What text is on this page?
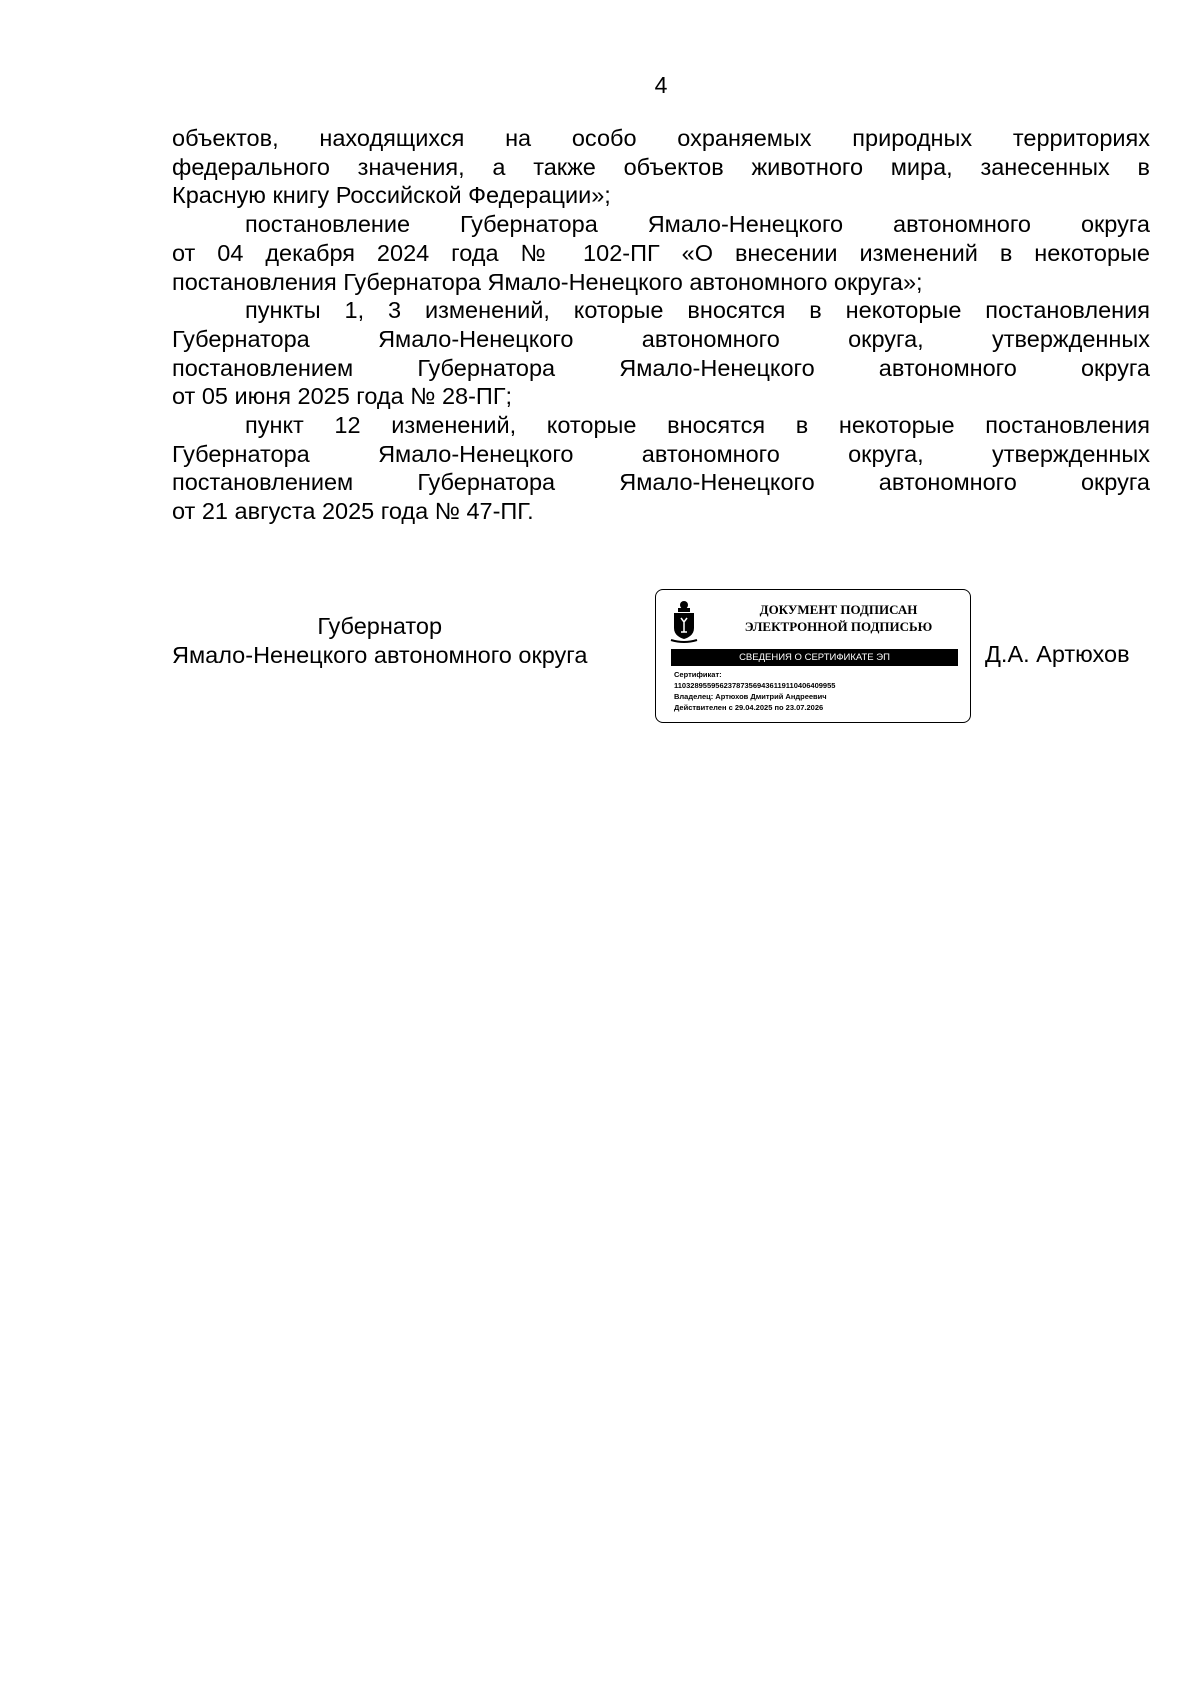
4
объектов, находящихся на особо охраняемых природных территориях
федерального значения, а также объектов животного мира, занесенных в
Красную книгу Российской Федерации»;
постановление Губернатора Ямало-Ненецкого автономного округа
от 04 декабря 2024 года № 102-ПГ «О внесении изменений в некоторые
постановления Губернатора Ямало-Ненецкого автономного округа»;
пункты 1, 3 изменений, которые вносятся в некоторые постановления
Губернатора Ямало-Ненецкого автономного округа, утвержденных
постановлением Губернатора Ямало-Ненецкого автономного округа
от 05 июня 2025 года № 28-ПГ;
пункт 12 изменений, которые вносятся в некоторые постановления
Губернатора Ямало-Ненецкого автономного округа, утвержденных
постановлением Губернатора Ямало-Ненецкого автономного округа
от 21 августа 2025 года № 47-ПГ.
Губернатор
Ямало-Ненецкого автономного округа
ДОКУМЕНТ ПОДПИСАН
ЭЛЕКТРОННОЙ ПОДПИСЬЮ
СВЕДЕНИЯ О СЕРТИФИКАТЕ ЭП
Сертификат:
110328955956237873569436119110406409955
Владелец: Артюхов Дмитрий Андреевич
Действителен с 29.04.2025 по 23.07.2026
Д.А. Артюхов
